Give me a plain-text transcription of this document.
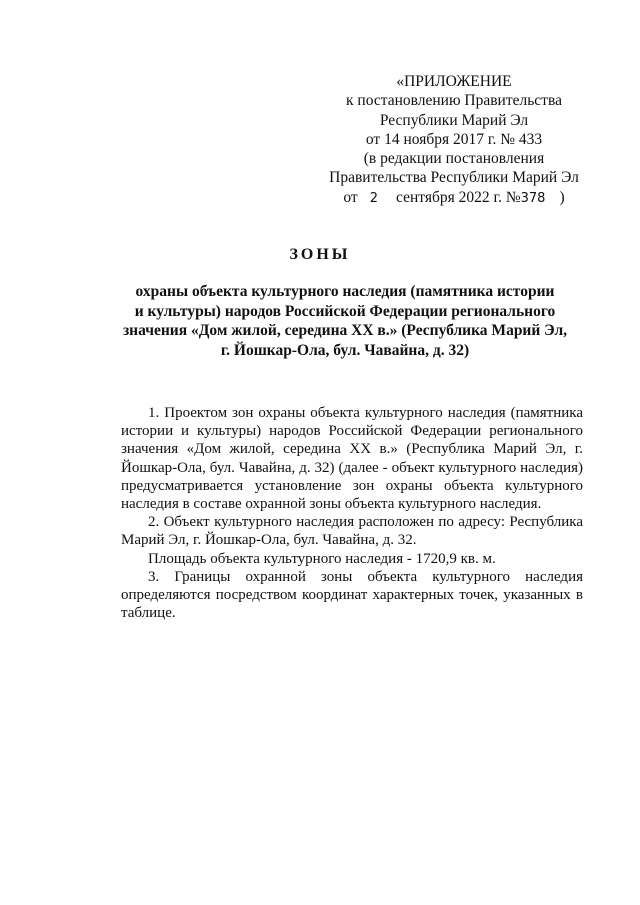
«ПРИЛОЖЕНИЕ
к постановлению Правительства
Республики Марий Эл
от 14 ноября 2017 г. № 433
(в редакции постановления
Правительства Республики Марий Эл
от 2 сентября 2022 г. №378 )
ЗОНЫ
охраны объекта культурного наследия (памятника истории
и культуры) народов Российской Федерации регионального
значения «Дом жилой, середина XX в.» (Республика Марий Эл,
г. Йошкар-Ола, бул. Чавайна, д. 32)

1. Проектом зон охраны объекта культурного наследия (памятника истории и культуры) народов Российской Федерации регионального значения «Дом жилой, середина XX в.» (Республика Марий Эл, г. Йошкар-Ола, бул. Чавайна, д. 32) (далее - объект культурного наследия) предусматривается установление зон охраны объекта культурного наследия в составе охранной зоны объекта культурного наследия.

2. Объект культурного наследия расположен по адресу: Республика Марий Эл, г. Йошкар-Ола, бул. Чавайна, д. 32.

Площадь объекта культурного наследия - 1720,9 кв. м.

3. Границы охранной зоны объекта культурного наследия определяются посредством координат характерных точек, указанных в таблице.
